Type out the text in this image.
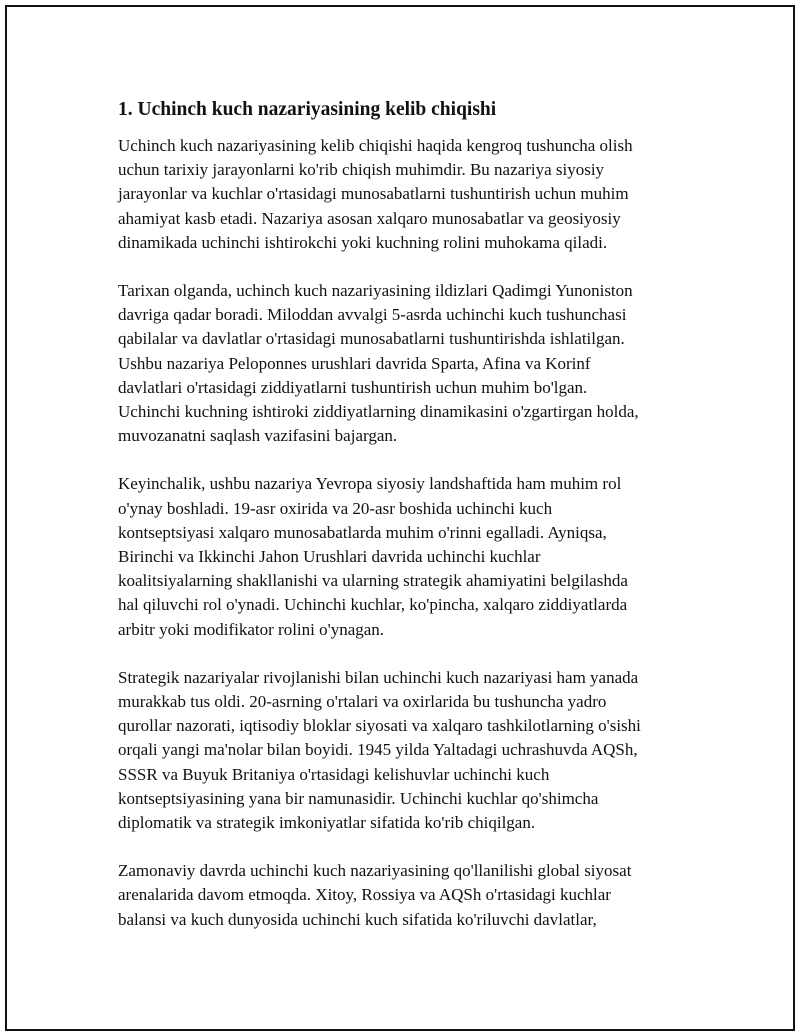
1. Uchinch kuch nazariyasining kelib chiqishi

Uchinch kuch nazariyasining kelib chiqishi haqida kengroq tushuncha olish
uchun tarixiy jarayonlarni ko'rib chiqish muhimdir. Bu nazariya siyosiy
jarayonlar va kuchlar o'rtasidagi munosabatlarni tushuntirish uchun muhim
ahamiyat kasb etadi. Nazariya asosan xalqaro munosabatlar va geosiyosiy
dinamikada uchinchi ishtirokchi yoki kuchning rolini muhokama qiladi.

Tarixan olganda, uchinch kuch nazariyasining ildizlari Qadimgi Yunoniston
davriga qadar boradi. Miloddan avvalgi 5-asrda uchinchi kuch tushunchasi
qabilalar va davlatlar o'rtasidagi munosabatlarni tushuntirishda ishlatilgan.
Ushbu nazariya Peloponnes urushlari davrida Sparta, Afina va Korinf
davlatlari o'rtasidagi ziddiyatlarni tushuntirish uchun muhim bo'lgan.
Uchinchi kuchning ishtiroki ziddiyatlarning dinamikasini o'zgartirgan holda,
muvozanatni saqlash vazifasini bajargan.

Keyinchalik, ushbu nazariya Yevropa siyosiy landshaftida ham muhim rol
o'ynay boshladi. 19-asr oxirida va 20-asr boshida uchinchi kuch
kontseptsiyasi xalqaro munosabatlarda muhim o'rinni egalladi. Ayniqsa,
Birinchi va Ikkinchi Jahon Urushlari davrida uchinchi kuchlar
koalitsiyalarning shakllanishi va ularning strategik ahamiyatini belgilashda
hal qiluvchi rol o'ynadi. Uchinchi kuchlar, ko'pincha, xalqaro ziddiyatlarda
arbitr yoki modifikator rolini o'ynagan.

Strategik nazariyalar rivojlanishi bilan uchinchi kuch nazariyasi ham yanada
murakkab tus oldi. 20-asrning o'rtalari va oxirlarida bu tushuncha yadro
qurollar nazorati, iqtisodiy bloklar siyosati va xalqaro tashkilotlarning o'sishi
orqali yangi ma'nolar bilan boyidi. 1945 yilda Yaltadagi uchrashuvda AQSh,
SSSR va Buyuk Britaniya o'rtasidagi kelishuvlar uchinchi kuch
kontseptsiyasining yana bir namunasidir. Uchinchi kuchlar qo'shimcha
diplomatik va strategik imkoniyatlar sifatida ko'rib chiqilgan.

Zamonaviy davrda uchinchi kuch nazariyasining qo'llanilishi global siyosat
arenalarida davom etmoqda. Xitoy, Rossiya va AQSh o'rtasidagi kuchlar
balansi va kuch dunyosida uchinchi kuch sifatida ko'riluvchi davlatlar,
